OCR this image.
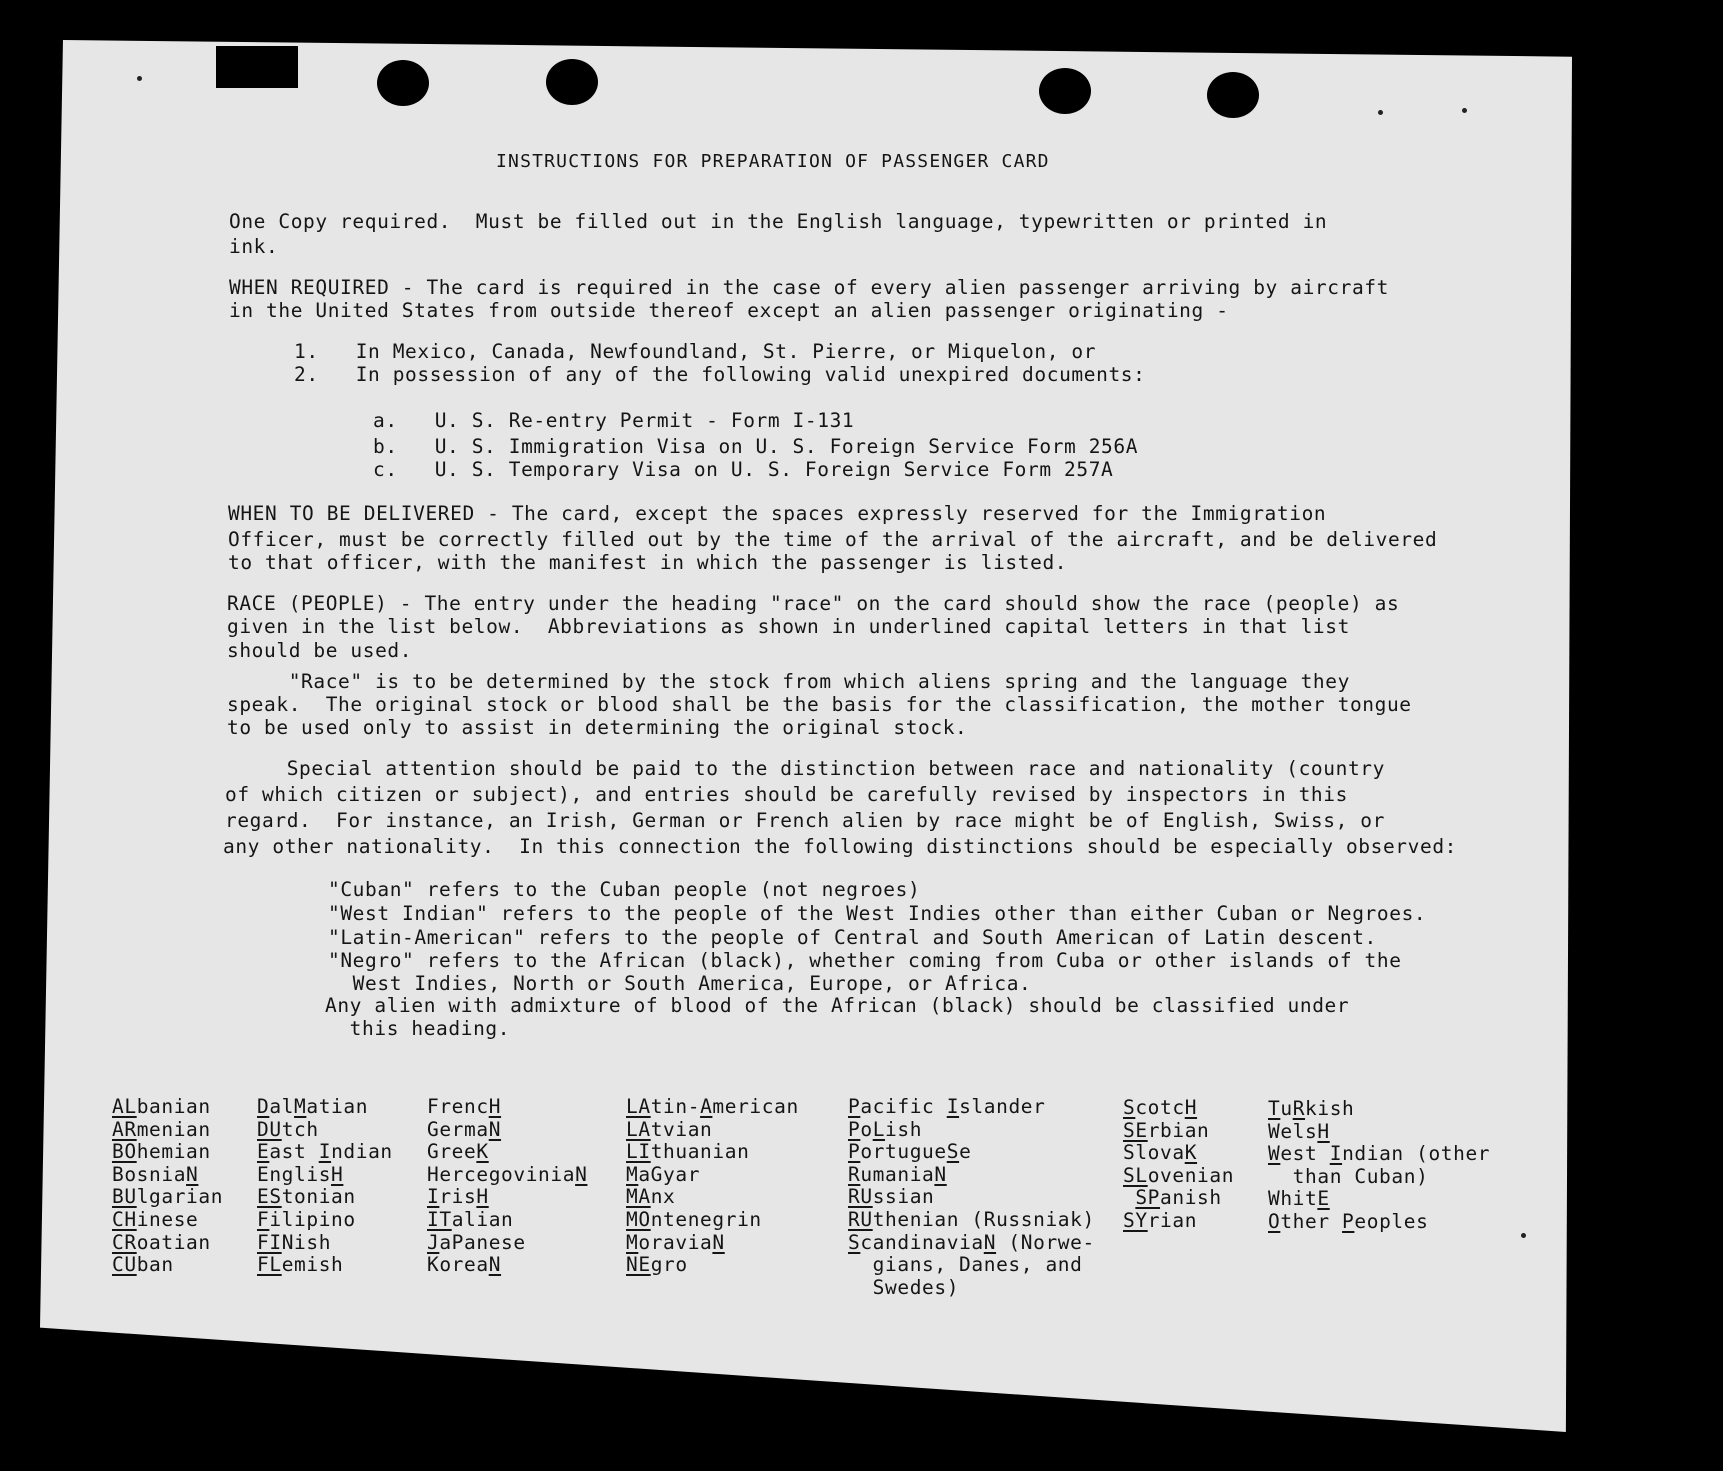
INSTRUCTIONS FOR PREPARATION OF PASSENGER CARD
One Copy required.  Must be filled out in the English language, typewritten or printed in
ink.
WHEN REQUIRED - The card is required in the case of every alien passenger arriving by aircraft
in the United States from outside thereof except an alien passenger originating -
1.   In Mexico, Canada, Newfoundland, St. Pierre, or Miquelon, or
2.   In possession of any of the following valid unexpired documents:
a.   U. S. Re-entry Permit - Form I-131
b.   U. S. Immigration Visa on U. S. Foreign Service Form 256A
c.   U. S. Temporary Visa on U. S. Foreign Service Form 257A
WHEN TO BE DELIVERED - The card, except the spaces expressly reserved for the Immigration
Officer, must be correctly filled out by the time of the arrival of the aircraft, and be delivered
to that officer, with the manifest in which the passenger is listed.
RACE (PEOPLE) - The entry under the heading "race" on the card should show the race (people) as
given in the list below.  Abbreviations as shown in underlined capital letters in that list
should be used.
"Race" is to be determined by the stock from which aliens spring and the language they
speak.  The original stock or blood shall be the basis for the classification, the mother tongue
to be used only to assist in determining the original stock.
Special attention should be paid to the distinction between race and nationality (country
of which citizen or subject), and entries should be carefully revised by inspectors in this
regard.  For instance, an Irish, German or French alien by race might be of English, Swiss, or
any other nationality.  In this connection the following distinctions should be especially observed:
"Cuban" refers to the Cuban people (not negroes)
"West Indian" refers to the people of the West Indies other than either Cuban or Negroes.
"Latin-American" refers to the people of Central and South American of Latin descent.
"Negro" refers to the African (black), whether coming from Cuba or other islands of the
West Indies, North or South America, Europe, or Africa.
Any alien with admixture of blood of the African (black) should be classified under
this heading.
ALbanian
ARmenian
BOhemian
BosniaN
BUlgarian
CHinese
CRoatian
CUban
DalMatian
DUtch
East Indian
EnglisH
EStonian
Filipino
FINish
FLemish
FrencH
GermaN
GreeK
HercegoviniaN
IrisH
ITalian
JaPanese
KoreaN
LAtin-American
LAtvian
LIthuanian
MaGyar
MAnx
MOntenegrin
MoraviaN
NEgro
Pacific Islander
PoLish
PortugueSe
RumaniaN
RUssian
RUthenian (Russniak)
ScandinaviaN (Norwe-
gians, Danes, and
Swedes)
ScotcH
SErbian
SlovaK
SLovenian
SPanish
SYrian
TuRkish
WelsH
West Indian (other
than Cuban)
WhitE
Other Peoples
